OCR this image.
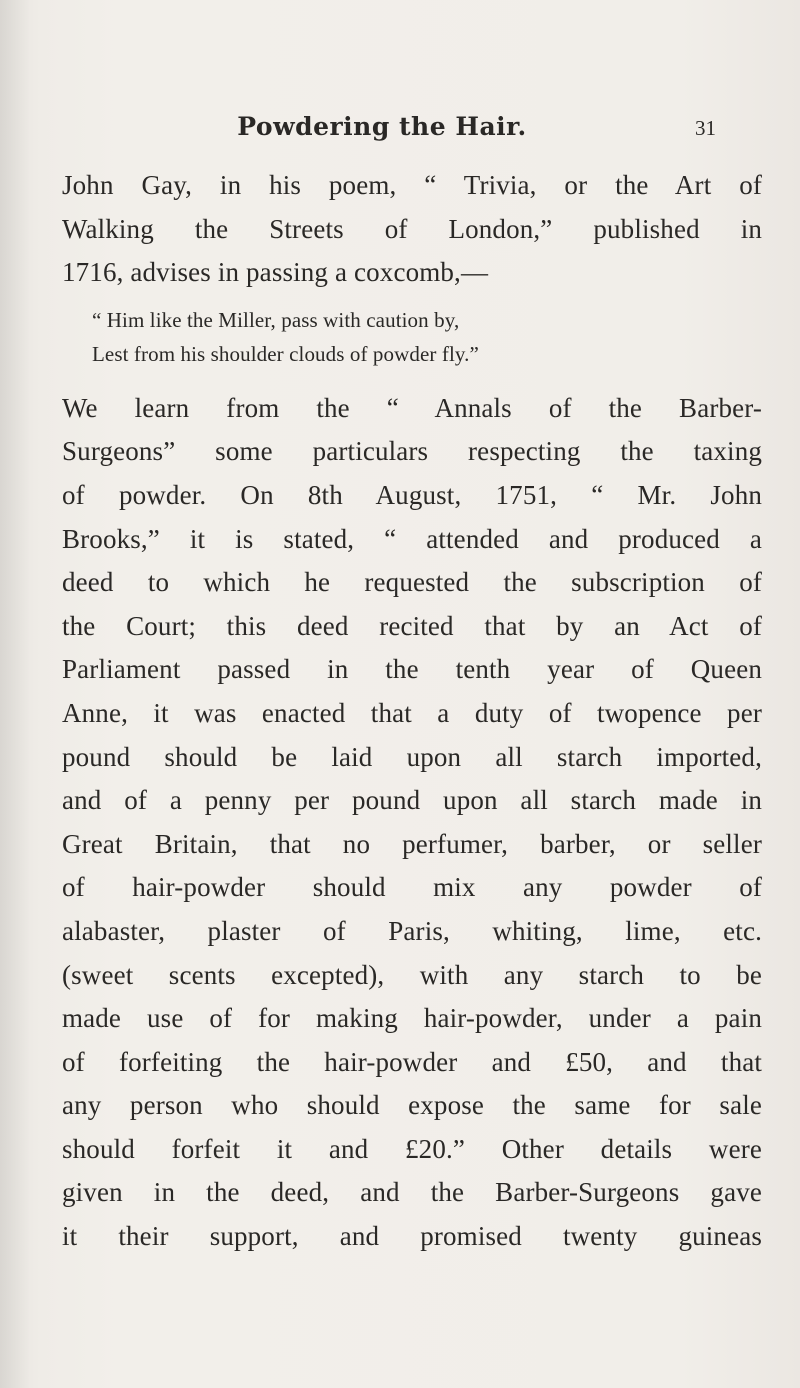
Powdering the Hair.	31
John Gay, in his poem, “ Trivia, or the Art of
Walking the Streets of London,” published in
1716, advises in passing a coxcomb,—
“ Him like the Miller, pass with caution by,
Lest from his shoulder clouds of powder fly.”
We learn from the “ Annals of the Barber-
Surgeons” some particulars respecting the taxing
of powder. On 8th August, 1751, “ Mr. John
Brooks,” it is stated, “ attended and produced a
deed to which he requested the subscription of
the Court; this deed recited that by an Act of
Parliament passed in the tenth year of Queen
Anne, it was enacted that a duty of twopence per
pound should be laid upon all starch imported,
and of a penny per pound upon all starch made in
Great Britain, that no perfumer, barber, or seller
of hair-powder should mix any powder of
alabaster, plaster of Paris, whiting, lime, etc.
(sweet scents excepted), with any starch to be
made use of for making hair-powder, under a pain
of forfeiting the hair-powder and £50, and that
any person who should expose the same for sale
should forfeit it and £20.” Other details were
given in the deed, and the Barber-Surgeons gave
it their support, and promised twenty guineas
